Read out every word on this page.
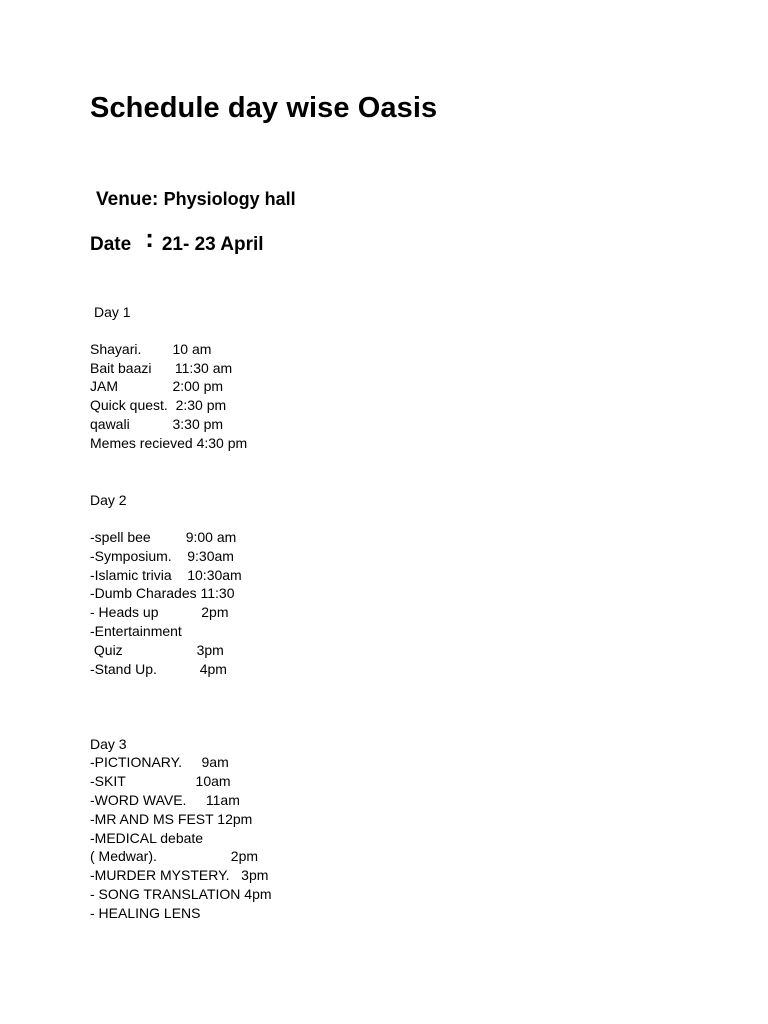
Schedule day wise Oasis
Venue: Physiology hall
Date : 21- 23 April
Day 1
Shayari.        10 am
Bait baazi      11:30 am
JAM              2:00 pm
Quick quest.  2:30 pm
qawali           3:30 pm
Memes recieved 4:30 pm
Day 2
-spell bee         9:00 am
-Symposium.    9:30am
-Islamic trivia    10:30am
-Dumb Charades 11:30
- Heads up           2pm
-Entertainment
Quiz                   3pm
-Stand Up.           4pm
Day 3
-PICTIONARY.     9am
-SKIT                  10am
-WORD WAVE.     11am
-MR AND MS FEST 12pm
-MEDICAL debate
( Medwar).                   2pm
-MURDER MYSTERY.   3pm
- SONG TRANSLATION 4pm
- HEALING LENS
